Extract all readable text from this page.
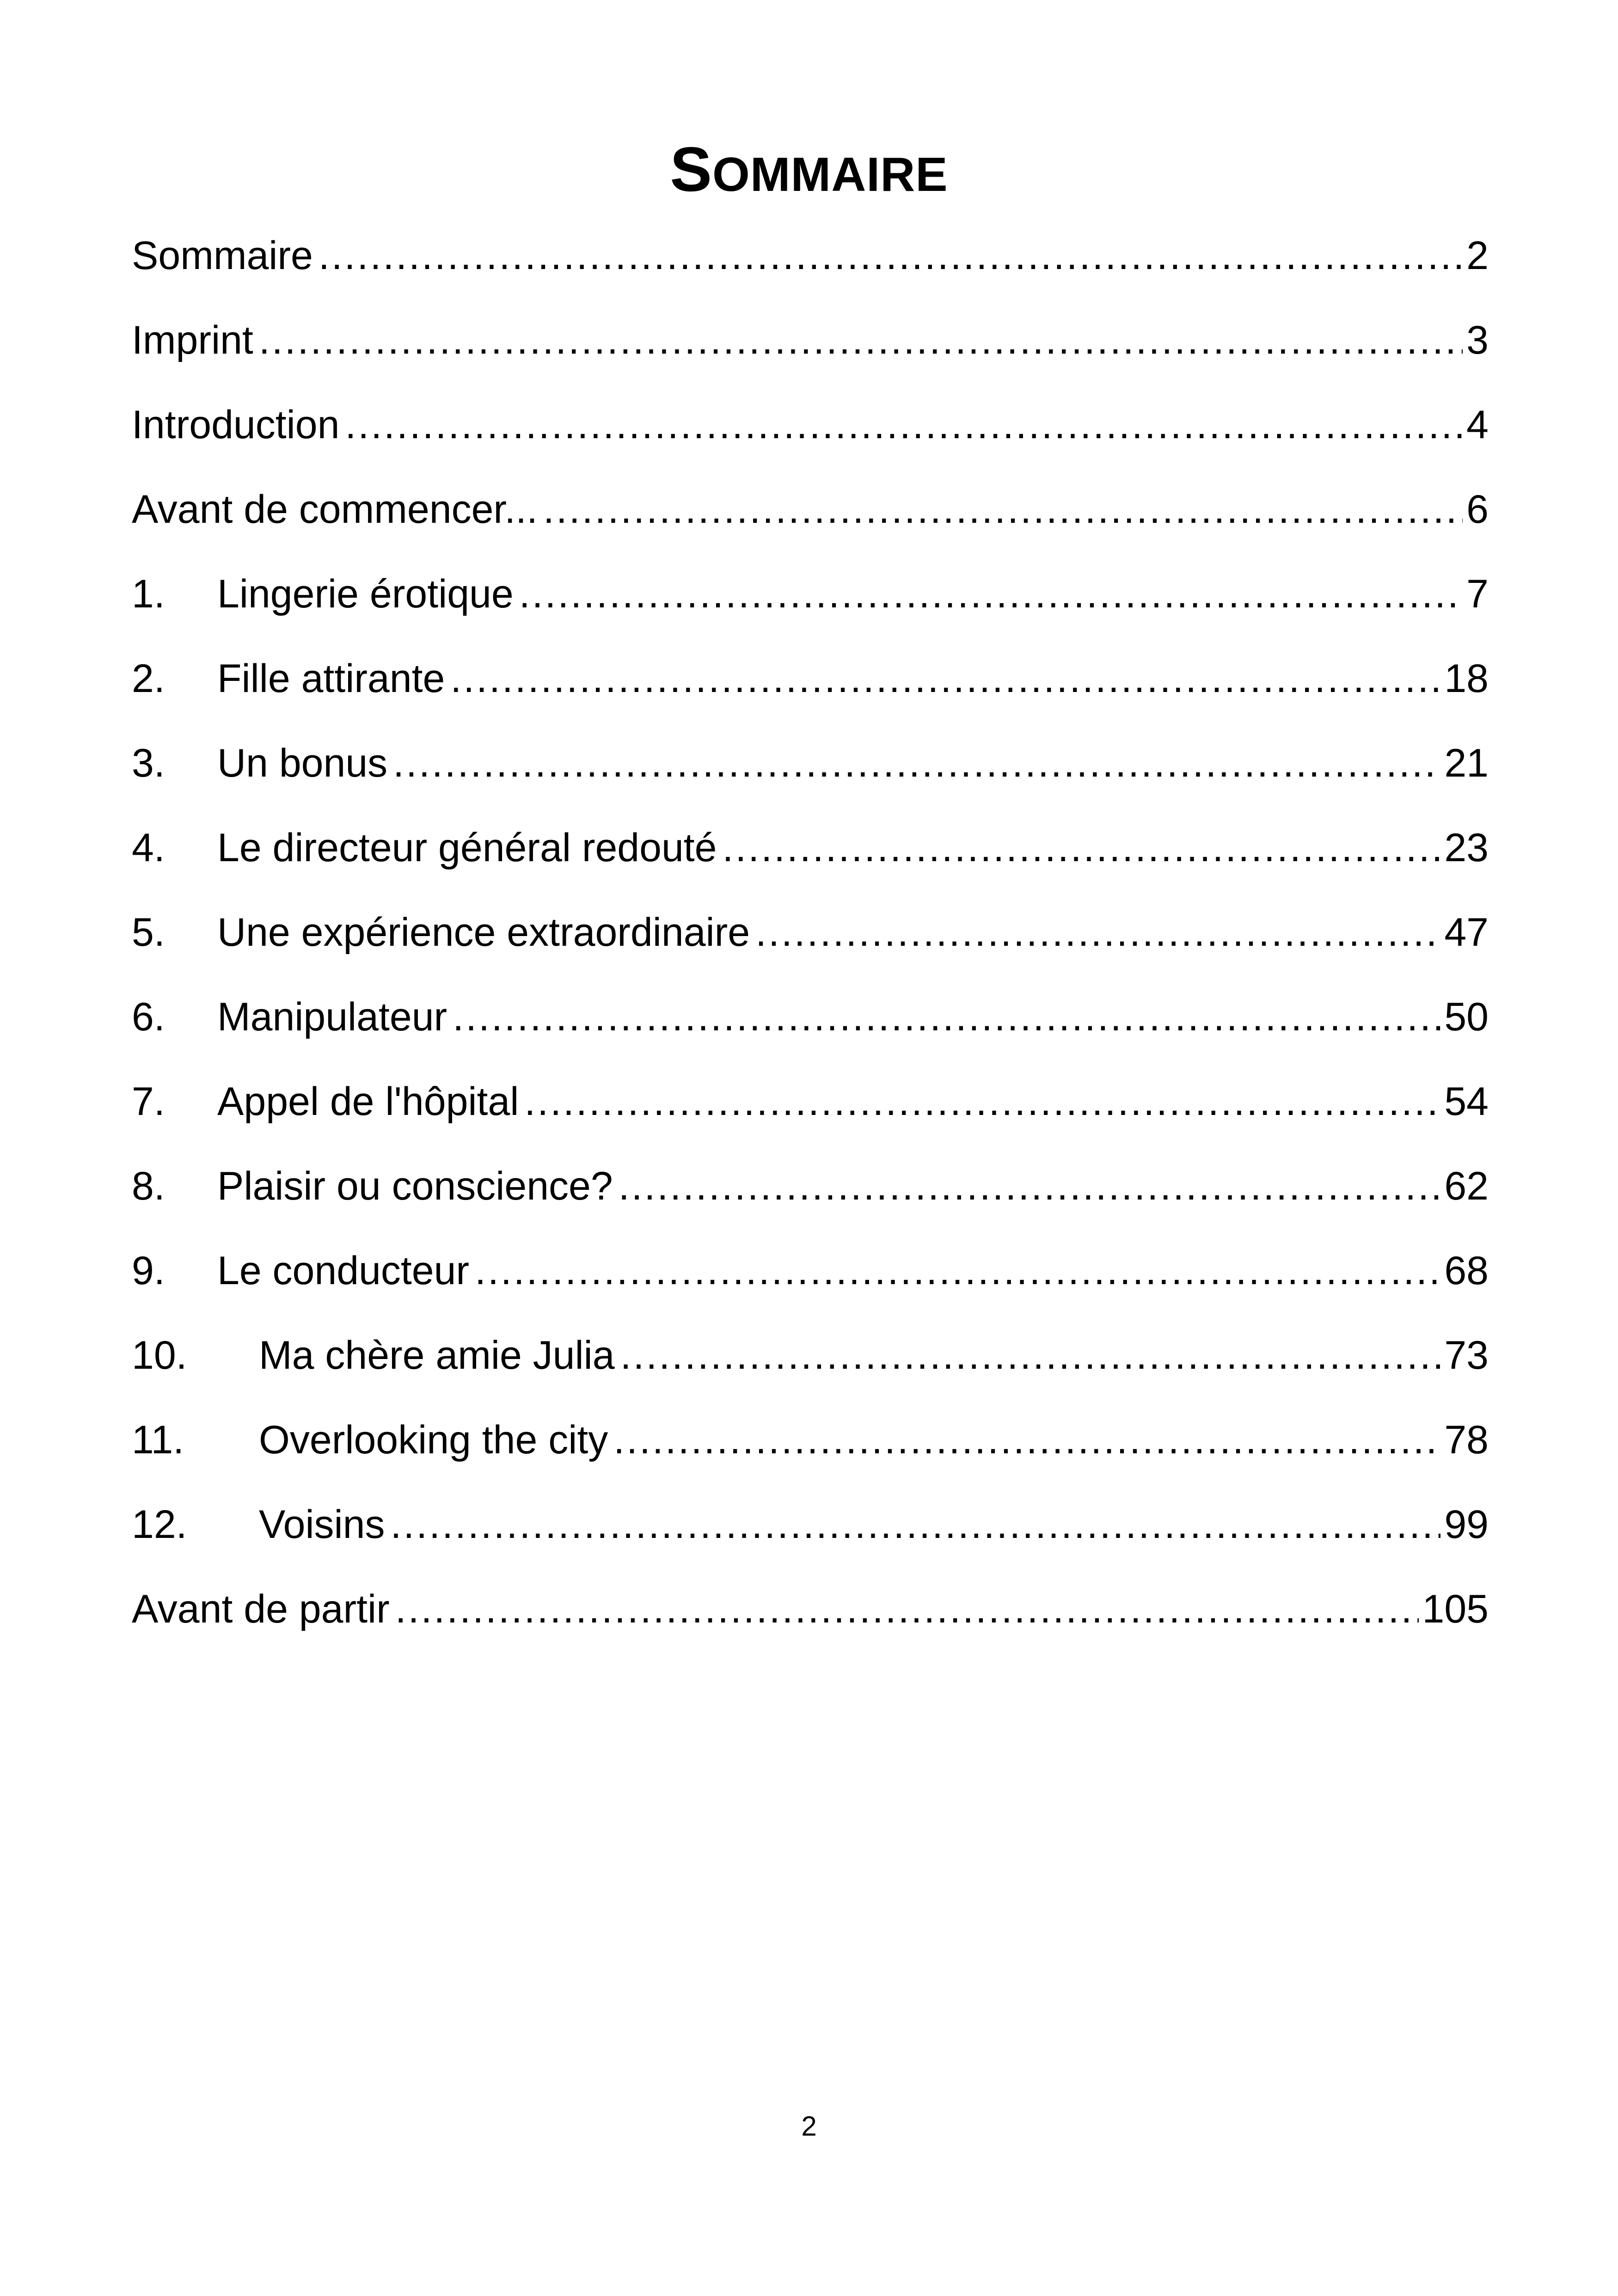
SOMMAIRE
Sommaire .....	2
Imprint .....	3
Introduction .....	4
Avant de commencer... .....	6
1.	Lingerie érotique .....	7
2.	Fille attirante .....	18
3.	Un bonus .....	21
4.	Le directeur général redouté .....	23
5.	Une expérience extraordinaire .....	47
6.	Manipulateur .....	50
7.	Appel de l'hôpital .....	54
8.	Plaisir ou conscience? .....	62
9.	Le conducteur .....	68
10.	Ma chère amie Julia .....	73
11.	Overlooking the city .....	78
12.	Voisins .....	99
Avant de partir .....	105
2
